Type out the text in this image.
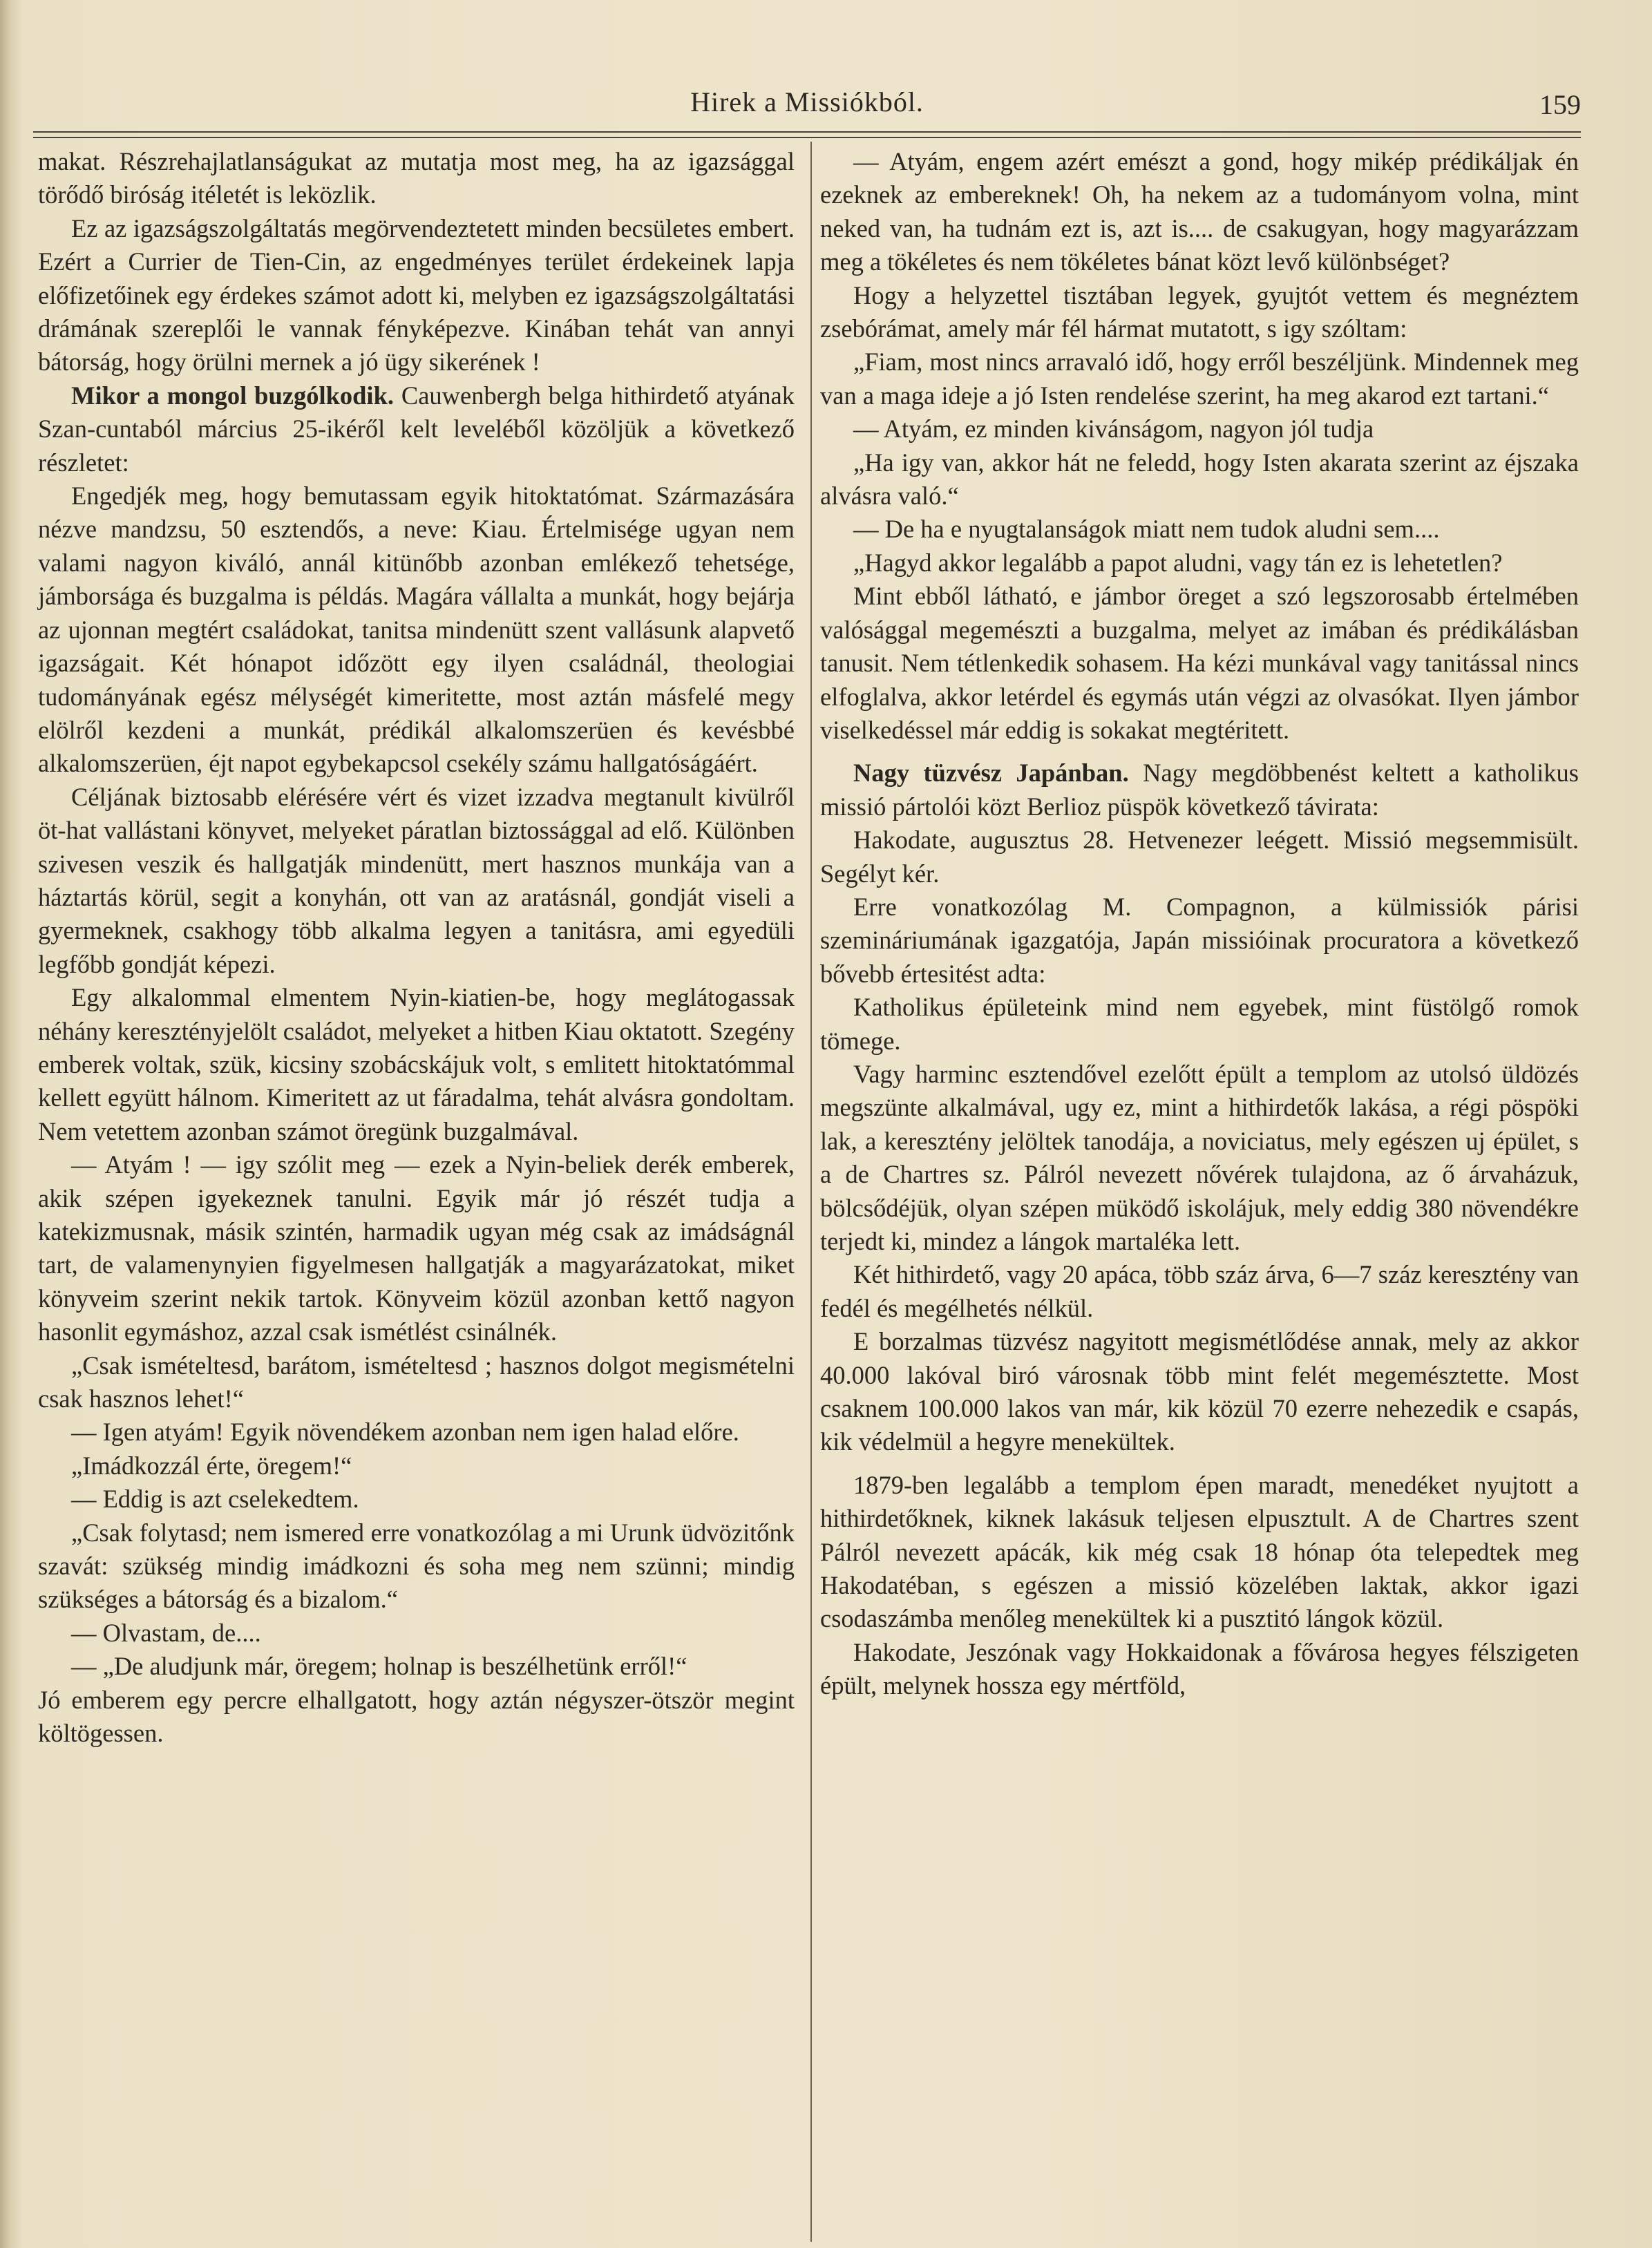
Hirek a Missiókból.	159

makat. Részrehajlatlanságukat az mutatja most meg, ha az igazsággal törődő biróság itéletét is leközlik.

Ez az igazságszolgáltatás megörvendeztetett minden becsületes embert. Ezért a Currier de Tien-Cin, az engedményes terület érdekeinek lapja előfizetőinek egy érdekes számot adott ki, melyben ez igazságszolgáltatási drámának szereplői le vannak fényképezve. Kinában tehát van annyi bátorság, hogy örülni mernek a jó ügy sikerének !

Mikor a mongol buzgólkodik. Cauwenbergh belga hithirdető atyának Szan-cuntaból március 25-ikéről kelt leveléből közöljük a következő részletet:

Engedjék meg, hogy bemutassam egyik hitoktatómat. Származására nézve mandzsu, 50 esztendős, a neve: Kiau. Értelmisége ugyan nem valami nagyon kiváló, annál kitünőbb azonban emlékező tehetsége, jámborsága és buzgalma is példás. Magára vállalta a munkát, hogy bejárja az ujonnan megtért családokat, tanitsa mindenütt szent vallásunk alapvető igazságait. Két hónapot időzött egy ilyen családnál, theologiai tudományának egész mélységét kimeritette, most aztán másfelé megy elölről kezdeni a munkát, prédikál alkalomszerüen és kevésbbé alkalomszerüen, éjt napot egybekapcsol csekély számu hallgatóságáért.

Céljának biztosabb elérésére vért és vizet izzadva megtanult kivülről öt-hat vallástani könyvet, melyeket páratlan biztossággal ad elő. Különben szivesen veszik és hallgatják mindenütt, mert hasznos munkája van a háztartás körül, segit a konyhán, ott van az aratásnál, gondját viseli a gyermeknek, csakhogy több alkalma legyen a tanitásra, ami egyedüli legfőbb gondját képezi.

Egy alkalommal elmentem Nyin-kiatien-be, hogy meglátogassak néhány keresztényjelölt családot, melyeket a hitben Kiau oktatott. Szegény emberek voltak, szük, kicsiny szobácskájuk volt, s emlitett hitoktatómmal kellett együtt hálnom. Kimeritett az ut fáradalma, tehát alvásra gondoltam. Nem vetettem azonban számot öregünk buzgalmával.

— Atyám ! — igy szólit meg — ezek a Nyin-beliek derék emberek, akik szépen igyekeznek tanulni. Egyik már jó részét tudja a katekizmusnak, másik szintén, harmadik ugyan még csak az imádságnál tart, de valamenynyien figyelmesen hallgatják a magyarázatokat, miket könyveim szerint nekik tartok. Könyveim közül azonban kettő nagyon hasonlit egymáshoz, azzal csak ismétlést csinálnék.

„Csak ismételtesd, barátom, ismételtesd ; hasznos dolgot megismételni csak hasznos lehet!“

— Igen atyám! Egyik növendékem azonban nem igen halad előre.

„Imádkozzál érte, öregem!“

— Eddig is azt cselekedtem.

„Csak folytasd; nem ismered erre vonatkozólag a mi Urunk üdvözitőnk szavát: szükség mindig imádkozni és soha meg nem szünni; mindig szükséges a bátorság és a bizalom.“

— Olvastam, de....

— „De aludjunk már, öregem; holnap is beszélhetünk erről!“

Jó emberem egy percre elhallgatott, hogy aztán négyszer-ötször megint költögessen.

— Atyám, engem azért emészt a gond, hogy mikép prédikáljak én ezeknek az embereknek! Oh, ha nekem az a tudományom volna, mint neked van, ha tudnám ezt is, azt is.... de csakugyan, hogy magyarázzam meg a tökéletes és nem tökéletes bánat közt levő különbséget?

Hogy a helyzettel tisztában legyek, gyujtót vettem és megnéztem zsebórámat, amely már fél hármat mutatott, s igy szóltam:

„Fiam, most nincs arravaló idő, hogy erről beszéljünk. Mindennek meg van a maga ideje a jó Isten rendelése szerint, ha meg akarod ezt tartani.“

— Atyám, ez minden kivánságom, nagyon jól tudja

„Ha igy van, akkor hát ne feledd, hogy Isten akarata szerint az éjszaka alvásra való.“

— De ha e nyugtalanságok miatt nem tudok aludni sem....

„Hagyd akkor legalább a papot aludni, vagy tán ez is lehetetlen?

Mint ebből látható, e jámbor öreget a szó legszorosabb értelmében valósággal megemészti a buzgalma, melyet az imában és prédikálásban tanusit. Nem tétlenkedik sohasem. Ha kézi munkával vagy tanitással nincs elfoglalva, akkor letérdel és egymás után végzi az olvasókat. Ilyen jámbor viselkedéssel már eddig is sokakat megtéritett.

Nagy tüzvész Japánban. Nagy megdöbbenést keltett a katholikus missió pártolói közt Berlioz püspök következő távirata:

Hakodate, augusztus 28. Hetvenezer leégett. Missió megsemmisült. Segélyt kér.

Erre vonatkozólag M. Compagnon, a külmissiók párisi szemináriumának igazgatója, Japán missióinak procuratora a következő bővebb értesitést adta:

Katholikus épületeink mind nem egyebek, mint füstölgő romok tömege.

Vagy harminc esztendővel ezelőtt épült a templom az utolsó üldözés megszünte alkalmával, ugy ez, mint a hithirdetők lakása, a régi pöspöki lak, a keresztény jelöltek tanodája, a noviciatus, mely egészen uj épület, s a de Chartres sz. Pálról nevezett nővérek tulajdona, az ő árvaházuk, bölcsődéjük, olyan szépen müködő iskolájuk, mely eddig 380 növendékre terjedt ki, mindez a lángok martaléka lett.

Két hithirdető, vagy 20 apáca, több száz árva, 6—7 száz keresztény van fedél és megélhetés nélkül.

E borzalmas tüzvész nagyitott megismétlődése annak, mely az akkor 40.000 lakóval biró városnak több mint felét megemésztette. Most csaknem 100.000 lakos van már, kik közül 70 ezerre nehezedik e csapás, kik védelmül a hegyre menekültek.

1879-ben legalább a templom épen maradt, menedéket nyujtott a hithirdetőknek, kiknek lakásuk teljesen elpusztult. A de Chartres szent Pálról nevezett apácák, kik még csak 18 hónap óta telepedtek meg Hakodatéban, s egészen a missió közelében laktak, akkor igazi csodaszámba menőleg menekültek ki a pusztitó lángok közül.

Hakodate, Jeszónak vagy Hokkaidonak a fővárosa hegyes félszigeten épült, melynek hossza egy mértföld,
